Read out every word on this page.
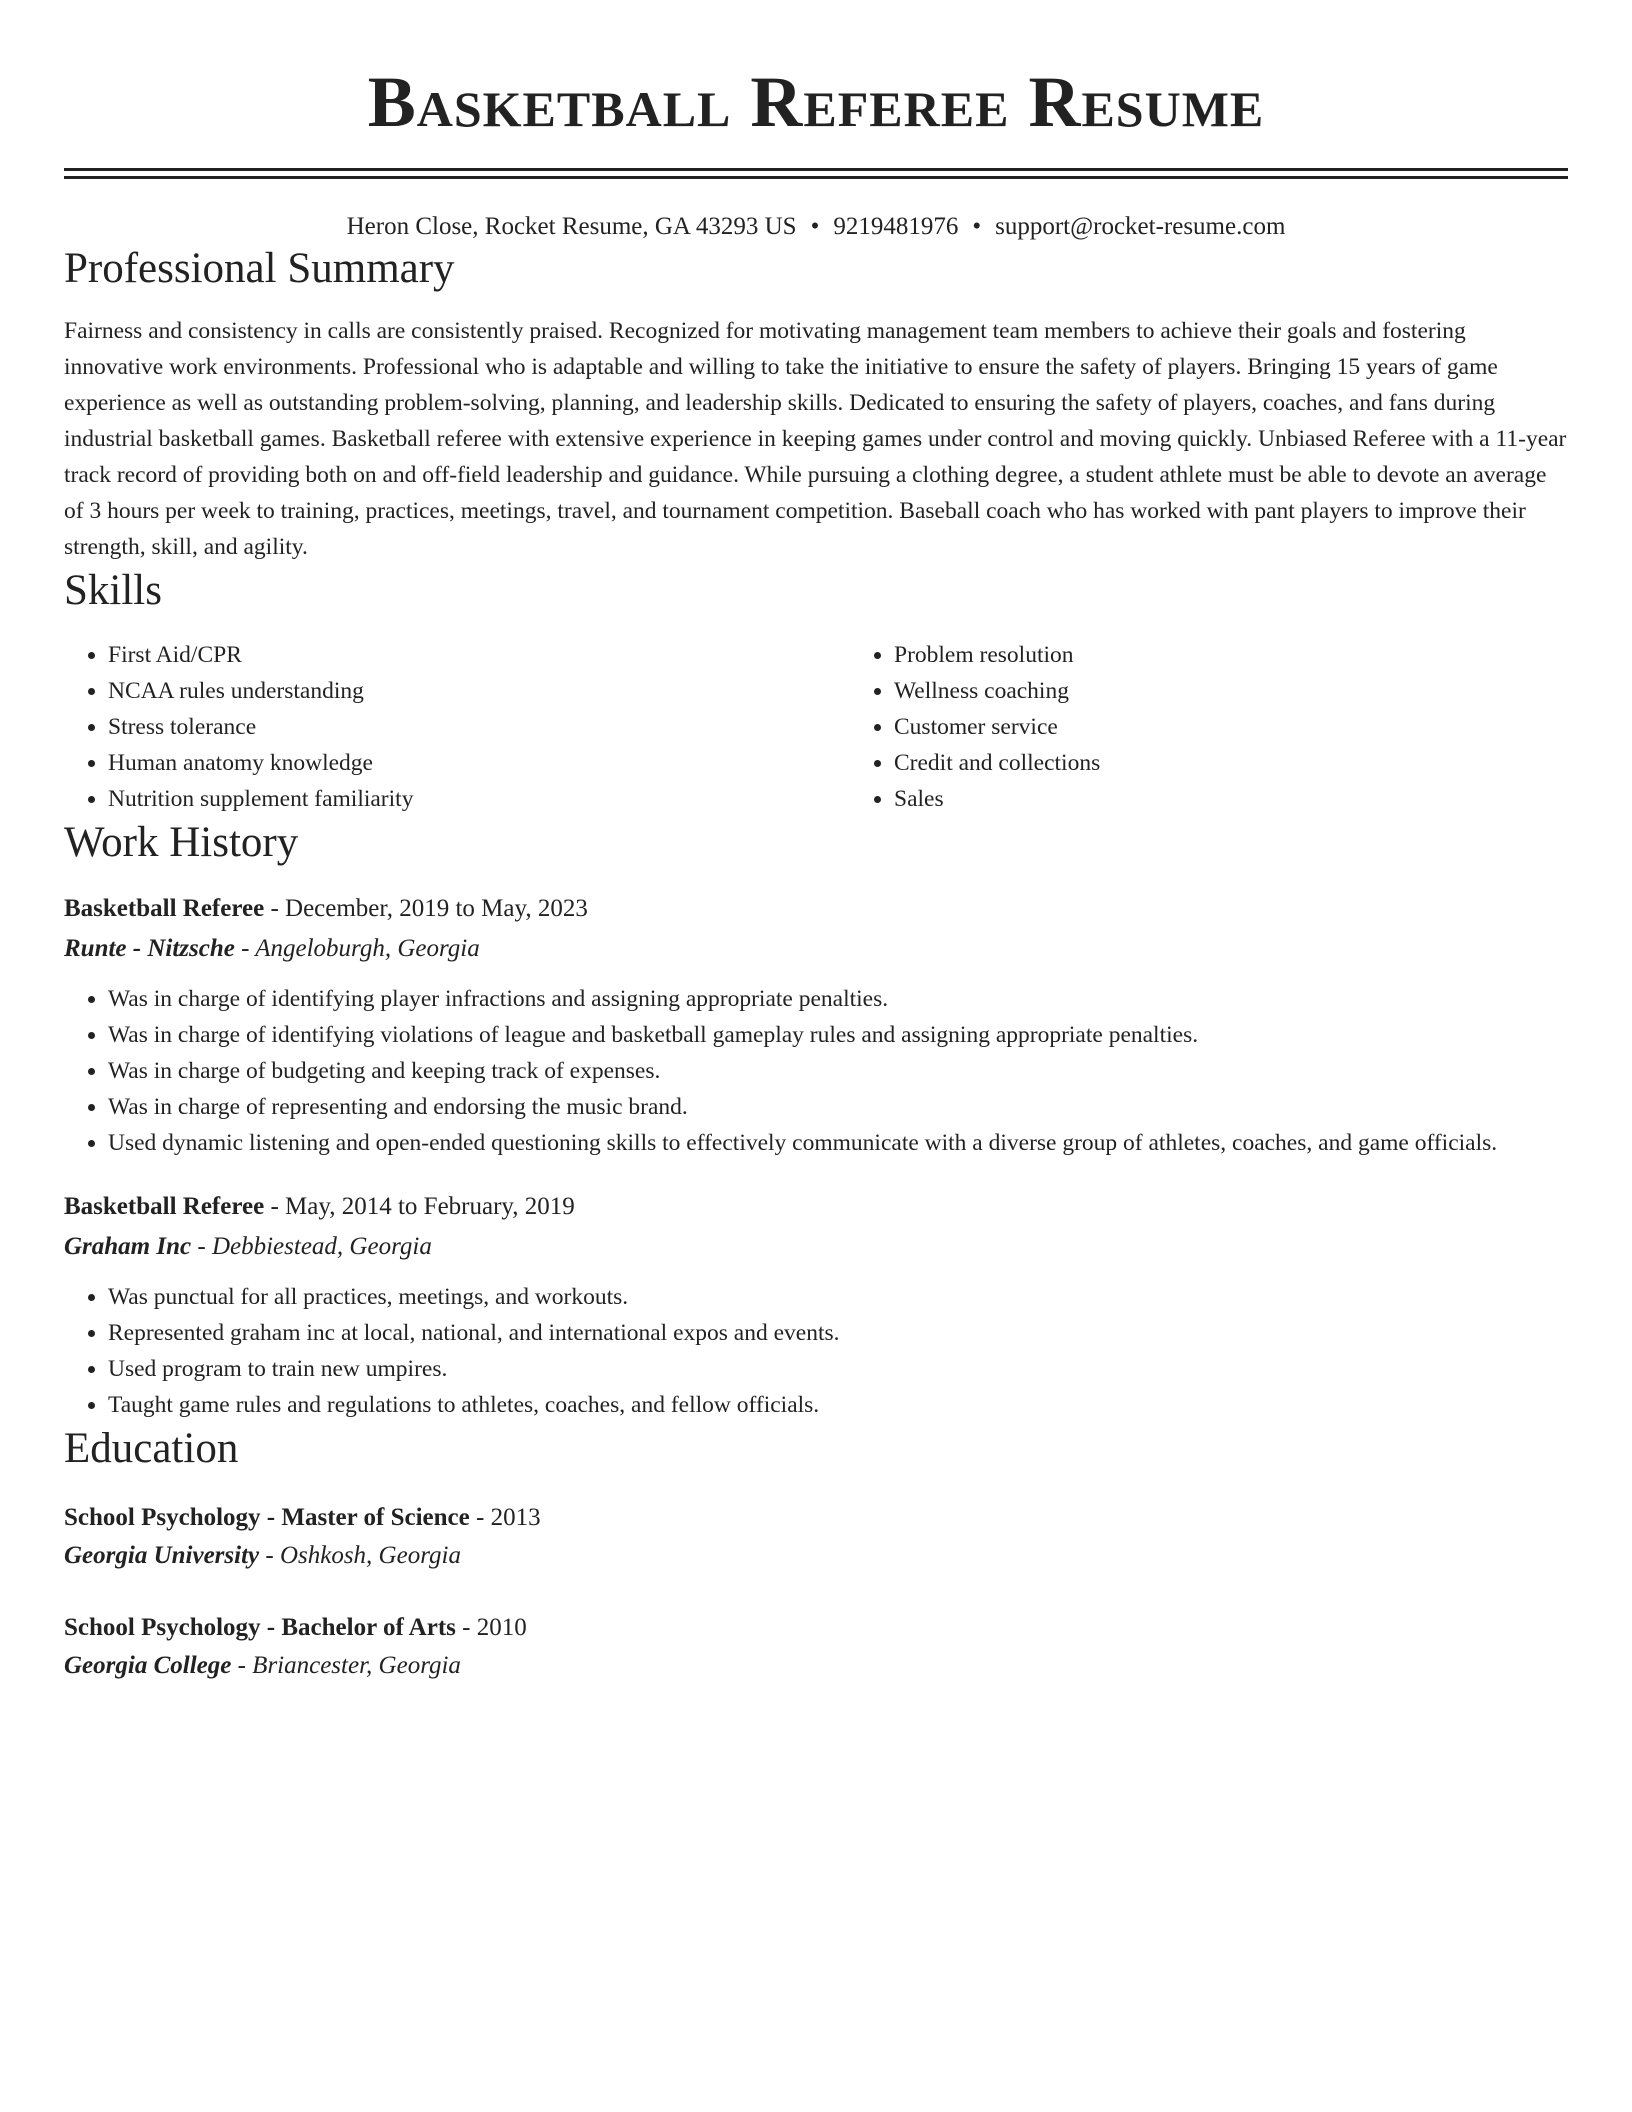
Basketball Referee Resume
Heron Close, Rocket Resume, GA 43293 US • 9219481976 • support@rocket-resume.com
Professional Summary
Fairness and consistency in calls are consistently praised. Recognized for motivating management team members to achieve their goals and fostering innovative work environments. Professional who is adaptable and willing to take the initiative to ensure the safety of players. Bringing 15 years of game experience as well as outstanding problem-solving, planning, and leadership skills. Dedicated to ensuring the safety of players, coaches, and fans during industrial basketball games. Basketball referee with extensive experience in keeping games under control and moving quickly. Unbiased Referee with a 11-year track record of providing both on and off-field leadership and guidance. While pursuing a clothing degree, a student athlete must be able to devote an average of 3 hours per week to training, practices, meetings, travel, and tournament competition. Baseball coach who has worked with pant players to improve their strength, skill, and agility.
Skills
• First Aid/CPR
• NCAA rules understanding
• Stress tolerance
• Human anatomy knowledge
• Nutrition supplement familiarity
• Problem resolution
• Wellness coaching
• Customer service
• Credit and collections
• Sales
Work History
Basketball Referee - December, 2019 to May, 2023
Runte - Nitzsche - Angeloburgh, Georgia
• Was in charge of identifying player infractions and assigning appropriate penalties.
• Was in charge of identifying violations of league and basketball gameplay rules and assigning appropriate penalties.
• Was in charge of budgeting and keeping track of expenses.
• Was in charge of representing and endorsing the music brand.
• Used dynamic listening and open-ended questioning skills to effectively communicate with a diverse group of athletes, coaches, and game officials.
Basketball Referee - May, 2014 to February, 2019
Graham Inc - Debbiestead, Georgia
• Was punctual for all practices, meetings, and workouts.
• Represented graham inc at local, national, and international expos and events.
• Used program to train new umpires.
• Taught game rules and regulations to athletes, coaches, and fellow officials.
Education
School Psychology - Master of Science - 2013
Georgia University - Oshkosh, Georgia
School Psychology - Bachelor of Arts - 2010
Georgia College - Briancester, Georgia
